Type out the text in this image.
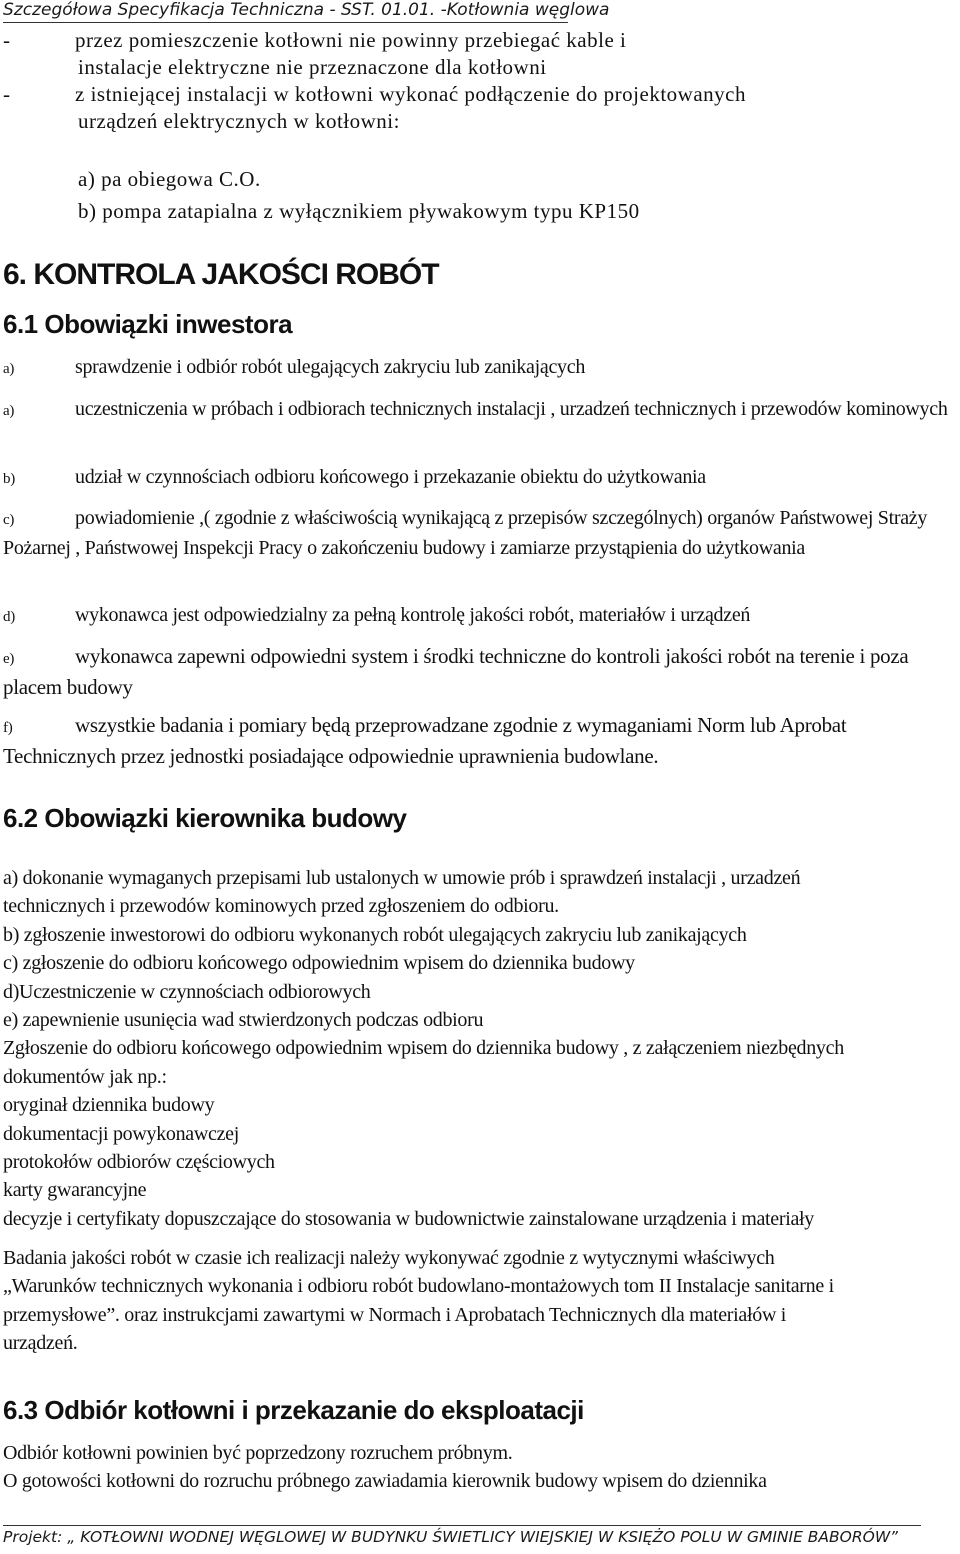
Szczegółowa Specyfikacja Techniczna - SST. 01.01. -Kotłownia węglowa
-	przez pomieszczenie kotłowni nie powinny przebiegać kable i
instalacje elektryczne nie przeznaczone dla kotłowni
-	z istniejącej instalacji w kotłowni wykonać podłączenie do projektowanych
urządzeń elektrycznych w kotłowni:
a) pa obiegowa C.O.
b) pompa zatapialna z wyłącznikiem pływakowym typu KP150
6. KONTROLA JAKOŚCI ROBÓT
6.1 Obowiązki inwestora
a)	sprawdzenie i odbiór robót ulegających zakryciu lub zanikających
a)	uczestniczenia w próbach i odbiorach technicznych instalacji , urzadzeń technicznych i przewodów kominowych
b)	udział w czynnościach odbioru końcowego i przekazanie obiektu do użytkowania
c)	powiadomienie ,( zgodnie z właściwością wynikającą z przepisów szczególnych) organów Państwowej Straży Pożarnej , Państwowej Inspekcji Pracy o zakończeniu budowy i zamiarze przystąpienia do użytkowania
d)	wykonawca jest odpowiedzialny za pełną kontrolę jakości robót, materiałów i urządzeń
e)	wykonawca zapewni odpowiedni system i środki techniczne do kontroli jakości robót na terenie i poza placem budowy
f)	wszystkie badania i pomiary będą przeprowadzane zgodnie z wymaganiami Norm lub Aprobat Technicznych przez jednostki posiadające odpowiednie uprawnienia budowlane.
6.2 Obowiązki kierownika budowy
a) dokonanie wymaganych przepisami lub ustalonych w umowie prób i sprawdzeń instalacji , urzadzeń
technicznych i przewodów kominowych przed zgłoszeniem do odbioru.
b) zgłoszenie inwestorowi do odbioru wykonanych robót ulegających zakryciu lub zanikających
c) zgłoszenie do odbioru końcowego odpowiednim wpisem do dziennika budowy
d)Uczestniczenie w czynnościach odbiorowych
e) zapewnienie usunięcia wad stwierdzonych podczas odbioru
Zgłoszenie do odbioru końcowego odpowiednim wpisem do dziennika budowy , z załączeniem niezbędnych
dokumentów jak np.:
oryginał dziennika budowy
dokumentacji powykonawczej
protokołów odbiorów częściowych
karty gwarancyjne
decyzje i certyfikaty dopuszczające do stosowania w budownictwie zainstalowane urządzenia i materiały
Badania jakości robót w czasie ich realizacji należy wykonywać zgodnie z wytycznymi właściwych
„Warunków technicznych wykonania i odbioru robót budowlano-montażowych tom II Instalacje sanitarne i
przemysłowe”. oraz instrukcjami zawartymi w Normach i Aprobatach Technicznych dla materiałów i
urządzeń.
6.3 Odbiór kotłowni i przekazanie do eksploatacji
Odbiór kotłowni powinien być poprzedzony rozruchem próbnym.
O gotowości kotłowni do rozruchu próbnego zawiadamia kierownik budowy wpisem do dziennika
Projekt: „ KOTŁOWNI WODNEJ WĘGLOWEJ W BUDYNKU ŚWIETLICY WIEJSKIEJ W KSIĘŻO POLU W GMINIE BABORÓW”
